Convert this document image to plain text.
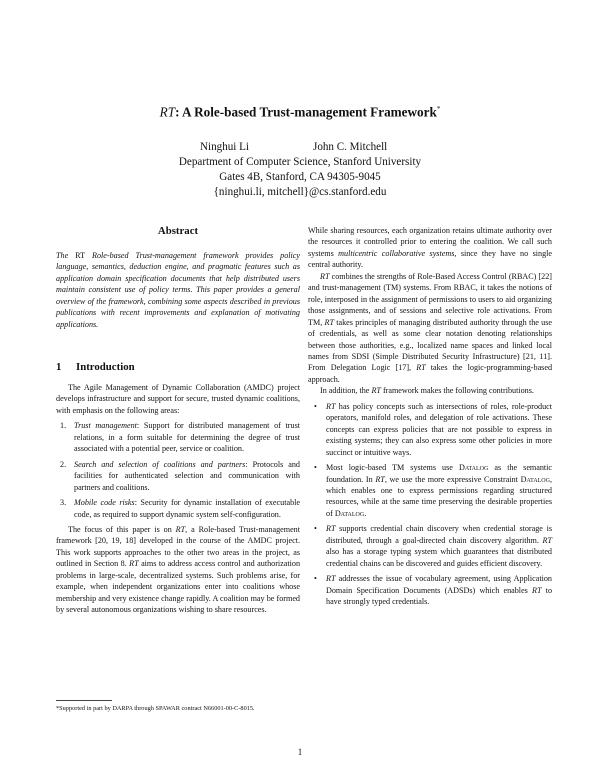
RT: A Role-based Trust-management Framework*
Ninghui Li	John C. Mitchell
Department of Computer Science, Stanford University
Gates 4B, Stanford, CA 94305-9045
{ninghui.li, mitchell}@cs.stanford.edu
Abstract
The RT Role-based Trust-management framework provides policy language, semantics, deduction engine, and pragmatic features such as application domain specification documents that help distributed users maintain consistent use of policy terms. This paper provides a general overview of the framework, combining some aspects described in previous publications with recent improvements and explanation of motivating applications.
1 Introduction

The Agile Management of Dynamic Collaboration (AMDC) project develops infrastructure and support for secure, trusted dynamic coalitions, with emphasis on the following areas:

1. Trust management: Support for distributed management of trust relations, in a form suitable for determining the degree of trust associated with a potential peer, service or coalition.
2. Search and selection of coalitions and partners: Protocols and facilities for authenticated selection and communication with partners and coalitions.
3. Mobile code risks: Security for dynamic installation of executable code, as required to support dynamic system self-configuration.

The focus of this paper is on RT, a Role-based Trust-management framework [20, 19, 18] developed in the course of the AMDC project. This work supports approaches to the other two areas in the project, as outlined in Section 8. RT aims to address access control and authorization problems in large-scale, decentralized systems. Such problems arise, for example, when independent organizations enter into coalitions whose membership and very existence change rapidly. A coalition may be formed by several autonomous organizations wishing to share resources.

*Supported in part by DARPA through SPAWAR contract N66001-00-C-8015.

While sharing resources, each organization retains ultimate authority over the resources it controlled prior to entering the coalition. We call such systems multicentric collaborative systems, since they have no single central authority.

RT combines the strengths of Role-Based Access Control (RBAC) [22] and trust-management (TM) systems. From RBAC, it takes the notions of role, interposed in the assignment of permissions to users to aid organizing those assignments, and of sessions and selective role activations. From TM, RT takes principles of managing distributed authority through the use of credentials, as well as some clear notation denoting relationships between those authorities, e.g., localized name spaces and linked local names from SDSI (Simple Distributed Security Infrastructure) [21, 11]. From Delegation Logic [17], RT takes the logic-programming-based approach.

In addition, the RT framework makes the following contributions.

• RT has policy concepts such as intersections of roles, role-product operators, manifold roles, and delegation of role activations. These concepts can express policies that are not possible to express in existing systems; they can also express some other policies in more succinct or intuitive ways.
• Most logic-based TM systems use Datalog as the semantic foundation. In RT, we use the more expressive Constraint Datalog, which enables one to express permissions regarding structured resources, while at the same time preserving the desirable properties of Datalog.
• RT supports credential chain discovery when credential storage is distributed, through a goal-directed chain discovery algorithm. RT also has a storage typing system which guarantees that distributed credential chains can be discovered and guides efficient discovery.
• RT addresses the issue of vocabulary agreement, using Application Domain Specification Documents (ADSDs) which enables RT to have strongly typed credentials.
1
